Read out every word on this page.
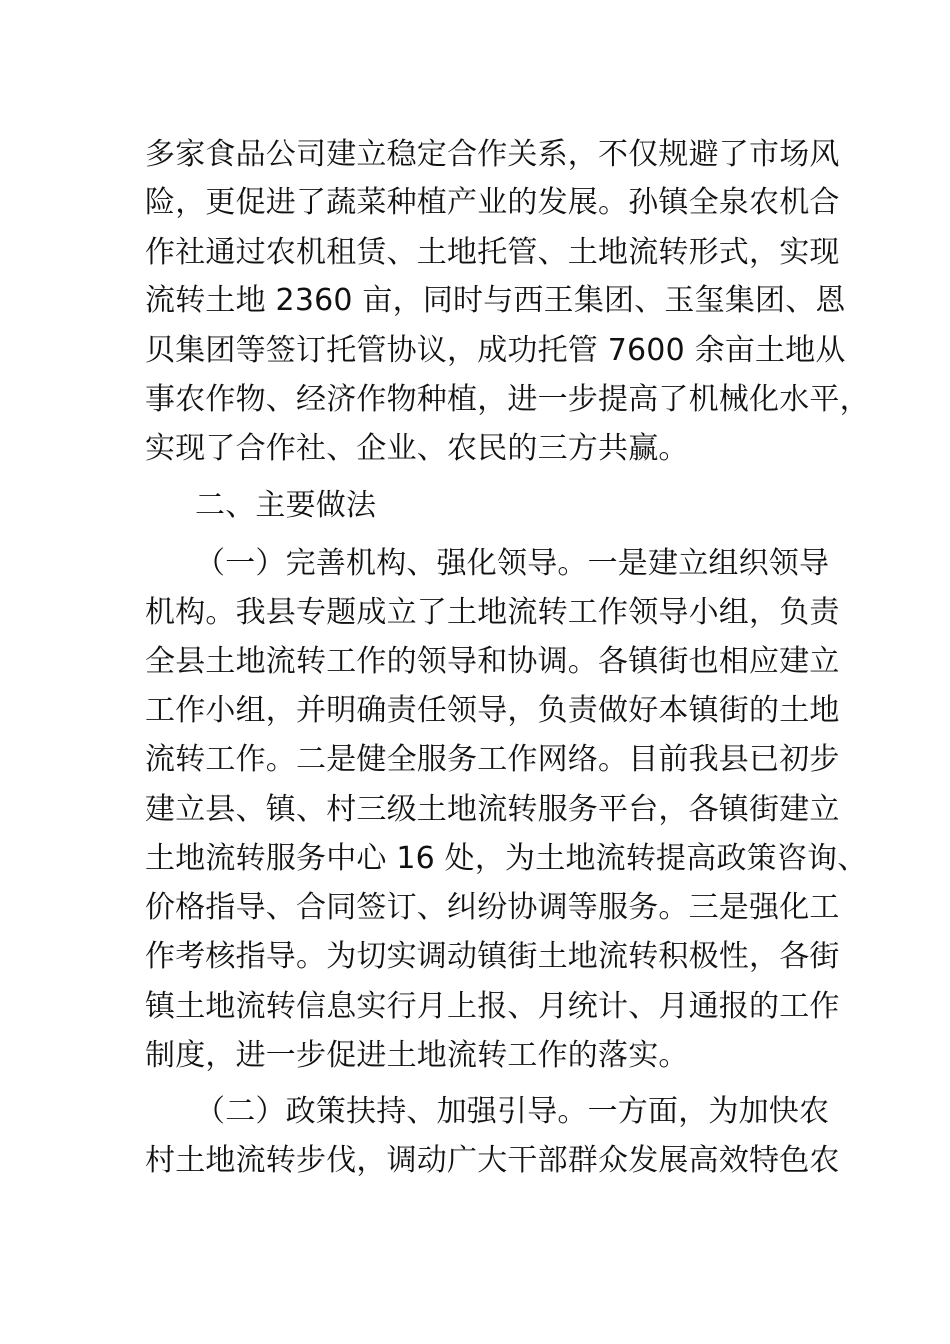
多家食品公司建立稳定合作关系，不仅规避了市场风
险，更促进了蔬菜种植产业的发展。孙镇全泉农机合
作社通过农机租赁、土地托管、土地流转形式，实现
流转土地 2360 亩，同时与西王集团、玉玺集团、恩
贝集团等签订托管协议，成功托管 7600 余亩土地从
事农作物、经济作物种植，进一步提高了机械化水平，
实现了合作社、企业、农民的三方共赢。
二、主要做法
（一）完善机构、强化领导。一是建立组织领导
机构。我县专题成立了土地流转工作领导小组，负责
全县土地流转工作的领导和协调。各镇街也相应建立
工作小组，并明确责任领导，负责做好本镇街的土地
流转工作。二是健全服务工作网络。目前我县已初步
建立县、镇、村三级土地流转服务平台，各镇街建立
土地流转服务中心 16 处，为土地流转提高政策咨询、
价格指导、合同签订、纠纷协调等服务。三是强化工
作考核指导。为切实调动镇街土地流转积极性，各街
镇土地流转信息实行月上报、月统计、月通报的工作
制度，进一步促进土地流转工作的落实。
（二）政策扶持、加强引导。一方面，为加快农
村土地流转步伐，调动广大干部群众发展高效特色农
